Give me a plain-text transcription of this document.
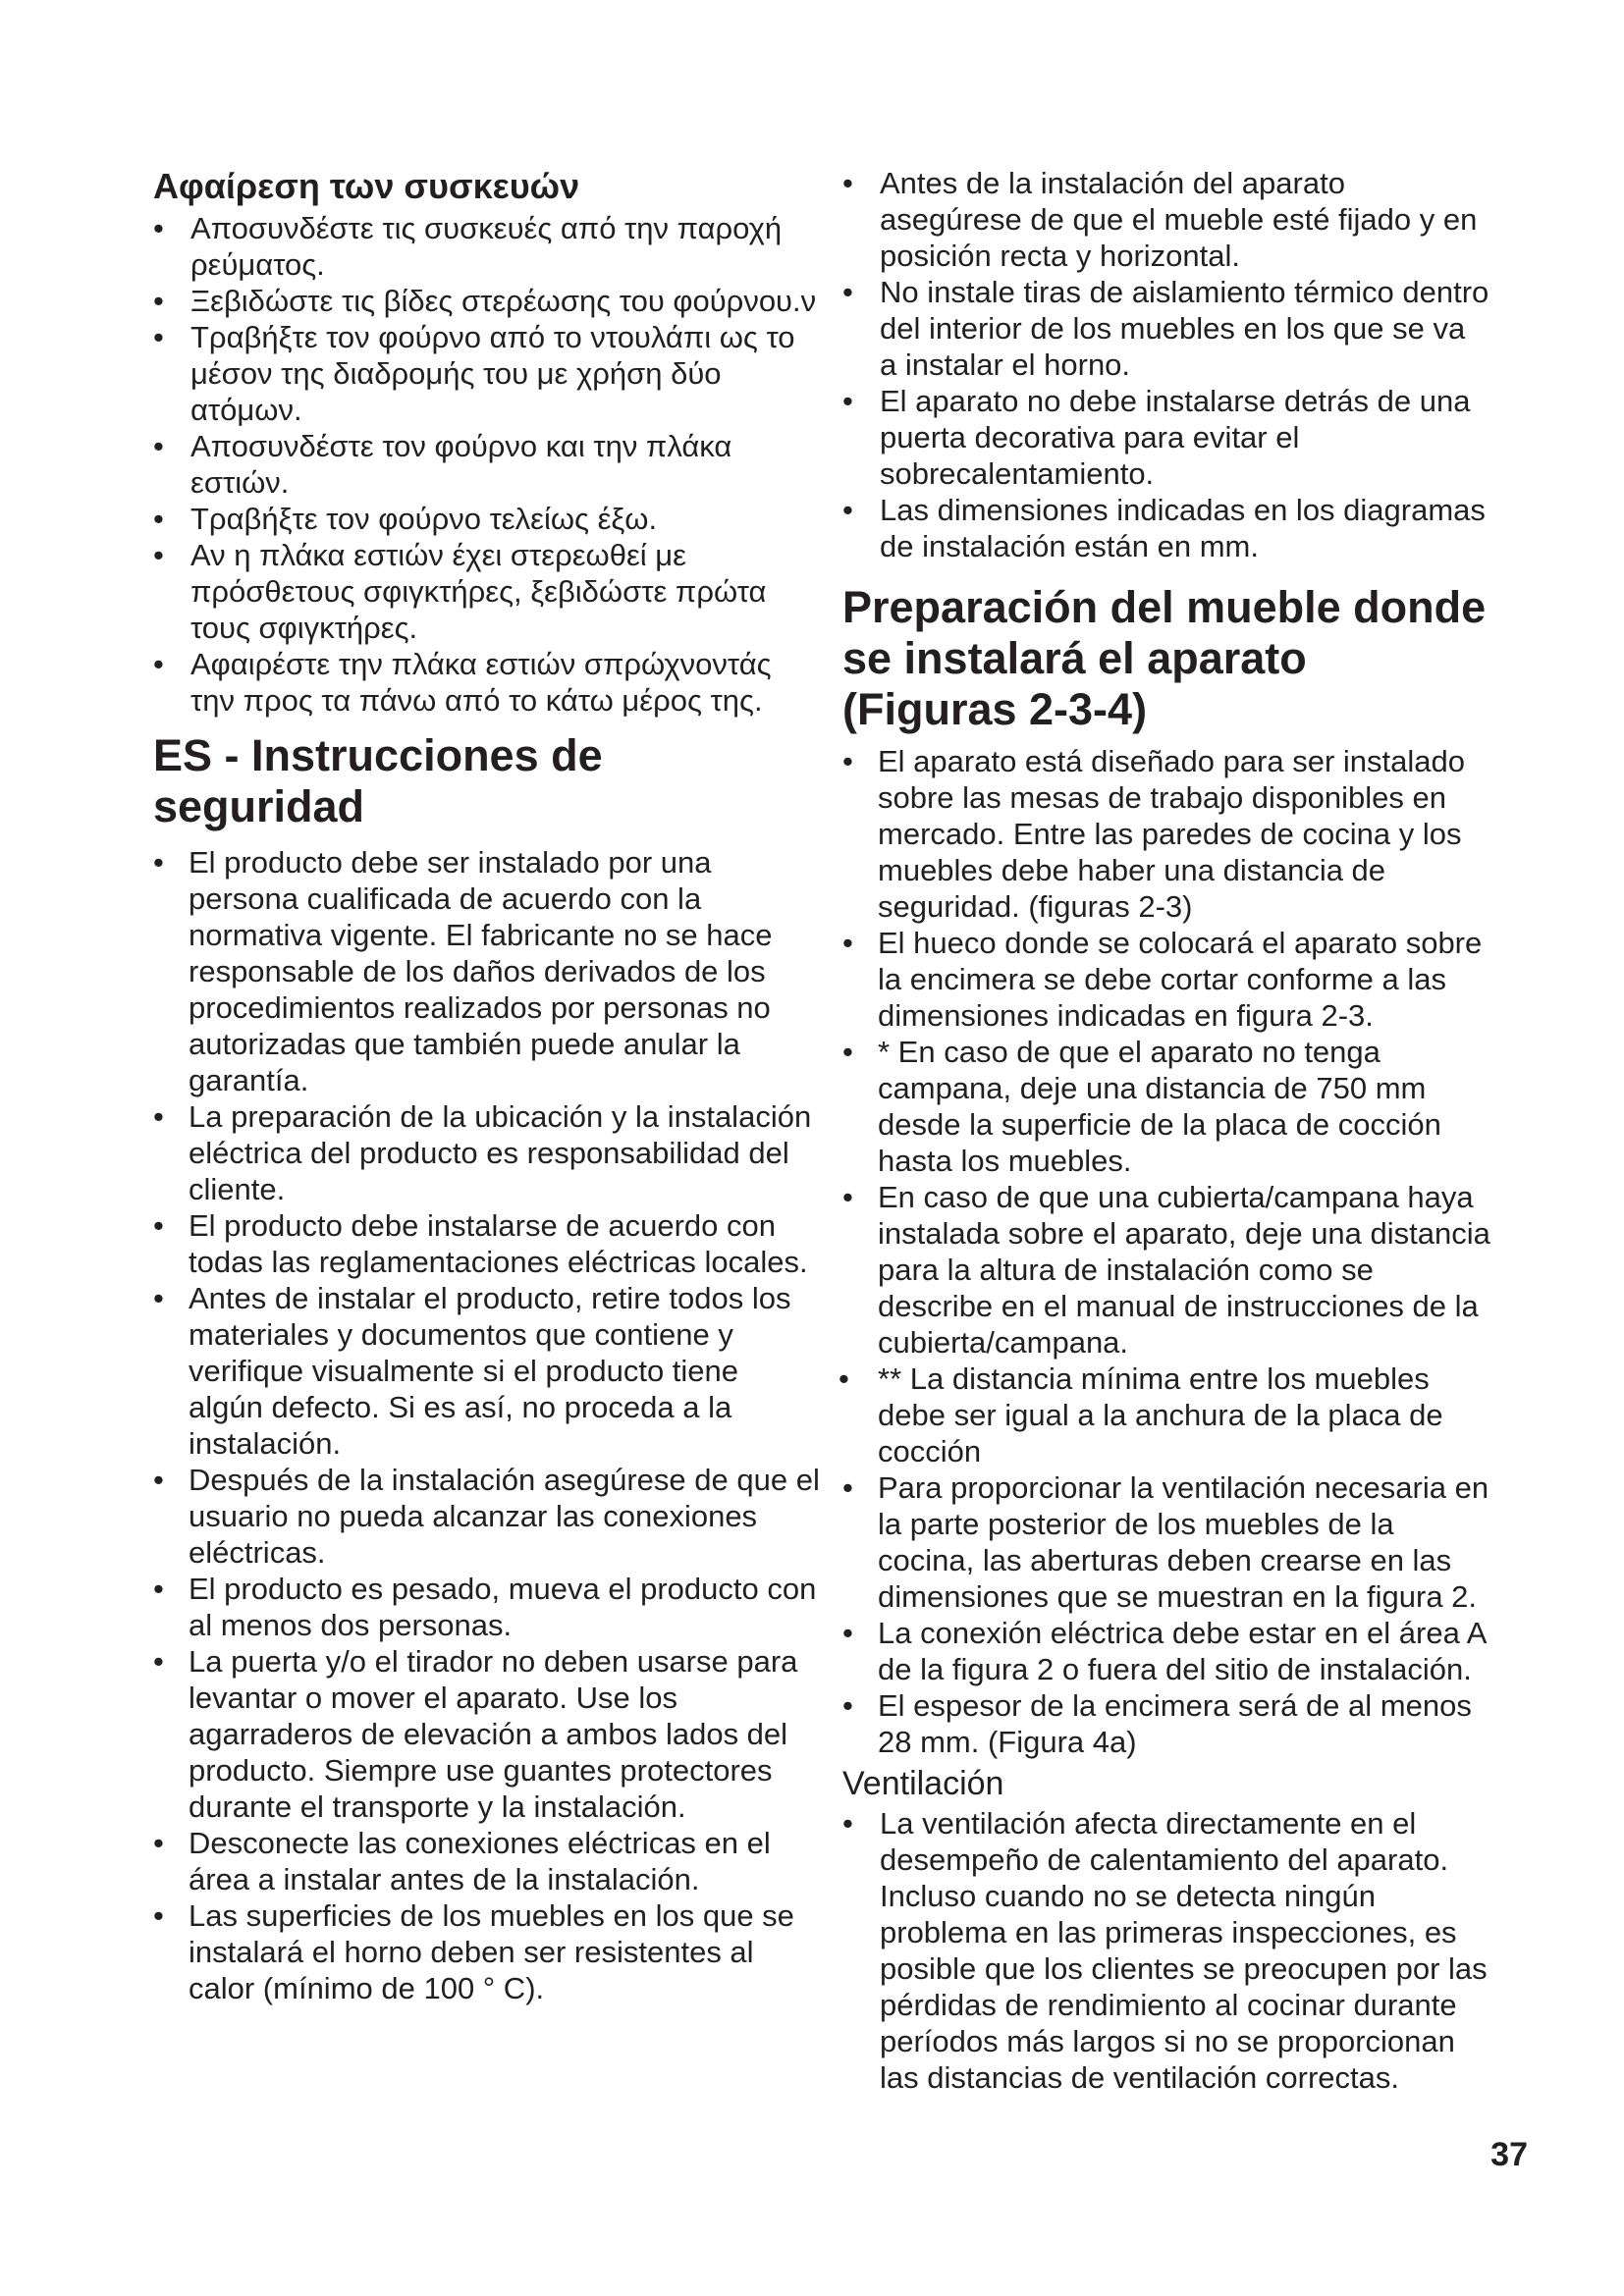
Αφαίρεση των συσκευών
• Αποσυνδέστε τις συσκευές από την παροχή ρεύματος.
• Ξεβιδώστε τις βίδες στερέωσης του φούρνου.ν
• Τραβήξτε τον φούρνο από το ντουλάπι ως το μέσον της διαδρομής του με χρήση δύο ατόμων.
• Αποσυνδέστε τον φούρνο και την πλάκα εστιών.
• Τραβήξτε τον φούρνο τελείως έξω.
• Αν η πλάκα εστιών έχει στερεωθεί με πρόσθετους σφιγκτήρες, ξεβιδώστε πρώτα τους σφιγκτήρες.
• Αφαιρέστε την πλάκα εστιών σπρώχνοντάς την προς τα πάνω από το κάτω μέρος της.
ES - Instrucciones de seguridad
• El producto debe ser instalado por una persona cualificada de acuerdo con la normativa vigente. El fabricante no se hace responsable de los daños derivados de los procedimientos realizados por personas no autorizadas que también puede anular la garantía.
• La preparación de la ubicación y la instalación eléctrica del producto es responsabilidad del cliente.
• El producto debe instalarse de acuerdo con todas las reglamentaciones eléctricas locales.
• Antes de instalar el producto, retire todos los materiales y documentos que contiene y verifique visualmente si el producto tiene algún defecto. Si es así, no proceda a la instalación.
• Después de la instalación asegúrese de que el usuario no pueda alcanzar las conexiones eléctricas.
• El producto es pesado, mueva el producto con al menos dos personas.
• La puerta y/o el tirador no deben usarse para levantar o mover el aparato. Use los agarraderos de elevación a ambos lados del producto. Siempre use guantes protectores durante el transporte y la instalación.
• Desconecte las conexiones eléctricas en el área a instalar antes de la instalación.
• Las superficies de los muebles en los que se instalará el horno deben ser resistentes al calor (mínimo de 100 ° C).
• Antes de la instalación del aparato asegúrese de que el mueble esté fijado y en posición recta y horizontal.
• No instale tiras de aislamiento térmico dentro del interior de los muebles en los que se va a instalar el horno.
• El aparato no debe instalarse detrás de una puerta decorativa para evitar el sobrecalentamiento.
• Las dimensiones indicadas en los diagramas de instalación están en mm.
Preparación del mueble donde se instalará el aparato (Figuras 2-3-4)
• El aparato está diseñado para ser instalado sobre las mesas de trabajo disponibles en mercado. Entre las paredes de cocina y los muebles debe haber una distancia de seguridad. (figuras 2-3)
• El hueco donde se colocará el aparato sobre la encimera se debe cortar conforme a las dimensiones indicadas en figura 2-3.
• * En caso de que el aparato no tenga campana, deje una distancia de 750 mm desde la superficie de la placa de cocción hasta los muebles.
• En caso de que una cubierta/campana haya instalada sobre el aparato, deje una distancia para la altura de instalación como se describe en el manual de instrucciones de la cubierta/campana.
• ** La distancia mínima entre los muebles debe ser igual a la anchura de la placa de cocción
• Para proporcionar la ventilación necesaria en la parte posterior de los muebles de la cocina, las aberturas deben crearse en las dimensiones que se muestran en la figura 2.
• La conexión eléctrica debe estar en el área A de la figura 2 o fuera del sitio de instalación.
• El espesor de la encimera será de al menos 28 mm. (Figura 4a)
Ventilación
• La ventilación afecta directamente en el desempeño de calentamiento del aparato. Incluso cuando no se detecta ningún problema en las primeras inspecciones, es posible que los clientes se preocupen por las pérdidas de rendimiento al cocinar durante períodos más largos si no se proporcionan las distancias de ventilación correctas.
37
